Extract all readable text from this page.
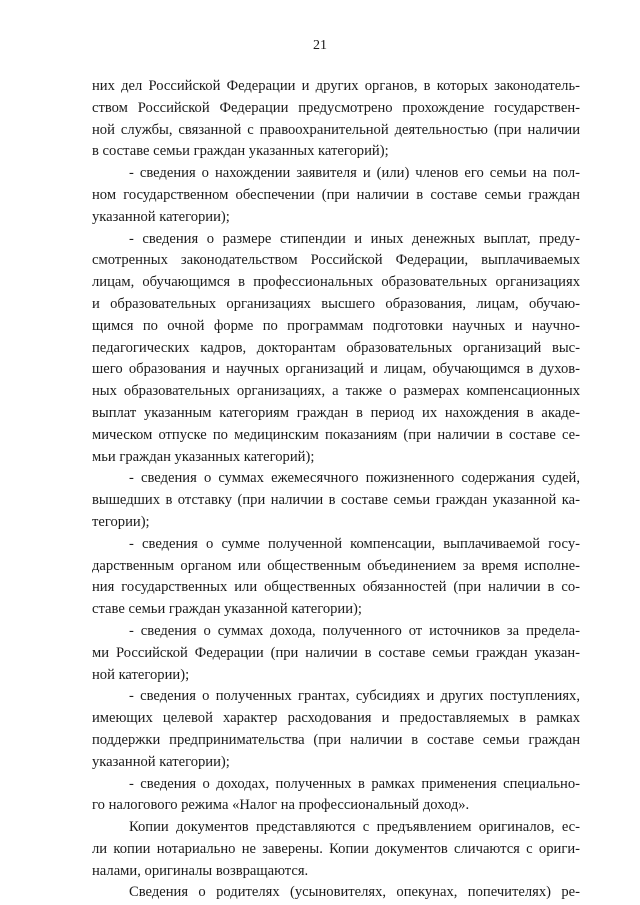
21
них дел Российской Федерации и других органов, в которых законодатель-
ством Российской Федерации предусмотрено прохождение государствен-
ной службы, связанной с правоохранительной деятельностью (при наличии
в составе семьи граждан указанных категорий);
- сведения о нахождении заявителя и (или) членов его семьи на пол-
ном государственном обеспечении (при наличии в составе семьи граждан
указанной категории);
- сведения о размере стипендии и иных денежных выплат, преду-
смотренных законодательством Российской Федерации, выплачиваемых
лицам, обучающимся в профессиональных образовательных организациях
и образовательных организациях высшего образования, лицам, обучаю-
щимся по очной форме по программам подготовки научных и научно-
педагогических кадров, докторантам образовательных организаций выс-
шего образования и научных организаций и лицам, обучающимся в духов-
ных образовательных организациях, а также о размерах компенсационных
выплат указанным категориям граждан в период их нахождения в акаде-
мическом отпуске по медицинским показаниям (при наличии в составе се-
мьи граждан указанных категорий);
- сведения о суммах ежемесячного пожизненного содержания судей,
вышедших в отставку (при наличии в составе семьи граждан указанной ка-
тегории);
- сведения о сумме полученной компенсации, выплачиваемой госу-
дарственным органом или общественным объединением за время исполне-
ния государственных или общественных обязанностей (при наличии в со-
ставе семьи граждан указанной категории);
- сведения о суммах дохода, полученного от источников за предела-
ми Российской Федерации (при наличии в составе семьи граждан указан-
ной категории);
- сведения о полученных грантах, субсидиях и других поступлениях,
имеющих целевой характер расходования и предоставляемых в рамках
поддержки предпринимательства (при наличии в составе семьи граждан
указанной категории);
- сведения о доходах, полученных в рамках применения специально-
го налогового режима «Налог на профессиональный доход».
Копии документов представляются с предъявлением оригиналов, ес-
ли копии нотариально не заверены. Копии документов сличаются с ориги-
налами, оригиналы возвращаются.
Сведения о родителях (усыновителях, опекунах, попечителях) ре-
